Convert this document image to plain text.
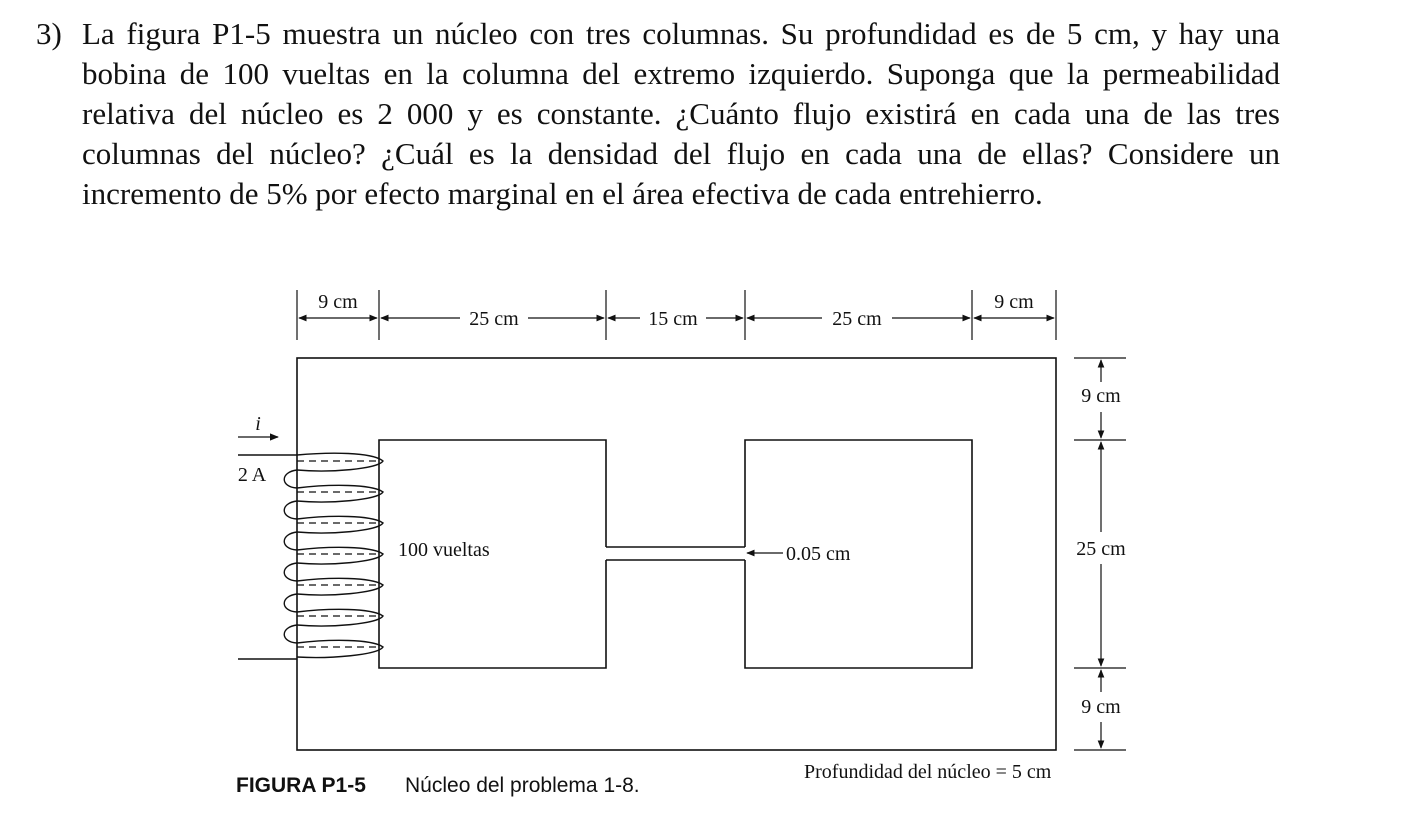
3) La figura P1-5 muestra un núcleo con tres columnas. Su profundidad es de 5 cm, y hay una bobina de 100 vueltas en la columna del extremo izquierdo. Suponga que la permeabilidad relativa del núcleo es 2 000 y es constante. ¿Cuánto flujo existirá en cada una de las tres columnas del núcleo? ¿Cuál es la densidad del flujo en cada una de ellas? Considere un incremento de 5% por efecto marginal en el área efectiva de cada entrehierro.
9 cm
25 cm	15 cm	25 cm
9 cm
9 cm
25 cm
9 cm
i
2 A
100 vueltas	0.05 cm
Profundidad del núcleo = 5 cm
FIGURA P1-5 Núcleo del problema 1-8.
